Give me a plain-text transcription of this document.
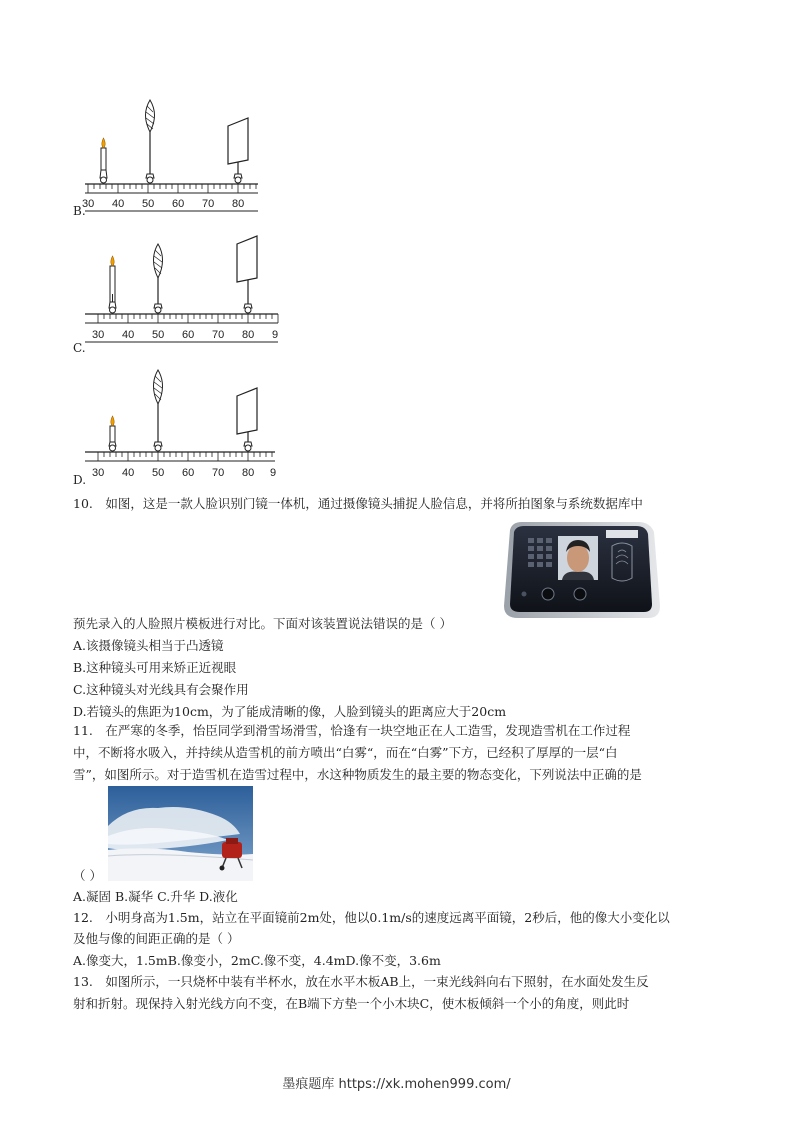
B.
30 40 50 60 70 80
C.
30 40 50 60 70 80 9
D. 30 40 50 60 70 80 9
10.　如图，这是一款人脸识别门镜一体机，通过摄像镜头捕捉人脸信息，并将所拍图象与系统数据库中
预先录入的人脸照片模板进行对比。下面对该装置说法错误的是（ ）
A.该摄像镜头相当于凸透镜
B.这种镜头可用来矫正近视眼
C.这种镜头对光线具有会聚作用
D.若镜头的焦距为10cm，为了能成清晰的像，人脸到镜头的距离应大于20cm
11.　在严寒的冬季，怡臣同学到滑雪场滑雪，恰逢有一块空地正在人工造雪，发现造雪机在工作过程
中，不断将水吸入，并持续从造雪机的前方喷出“白雾“，而在“白雾”下方，已经积了厚厚的一层“白
雪”，如图所示。对于造雪机在造雪过程中，水这种物质发生的最主要的物态变化，下列说法中正确的是
（ ）
A.凝固 B.凝华 C.升华 D.液化
12.　小明身高为1.5m，站立在平面镜前2m处，他以0.1m/s的速度远离平面镜，2秒后，他的像大小变化以
及他与像的间距正确的是（ ）
A.像变大，1.5mB.像变小，2mC.像不变，4.4mD.像不变，3.6m
13.　如图所示，一只烧杯中装有半杯水，放在水平木板AB上，一束光线斜向右下照射，在水面处发生反
射和折射。现保持入射光线方向不变，在B端下方垫一个小木块C，使木板倾斜一个小的角度，则此时
墨痕题库 https://xk.mohen999.com/
